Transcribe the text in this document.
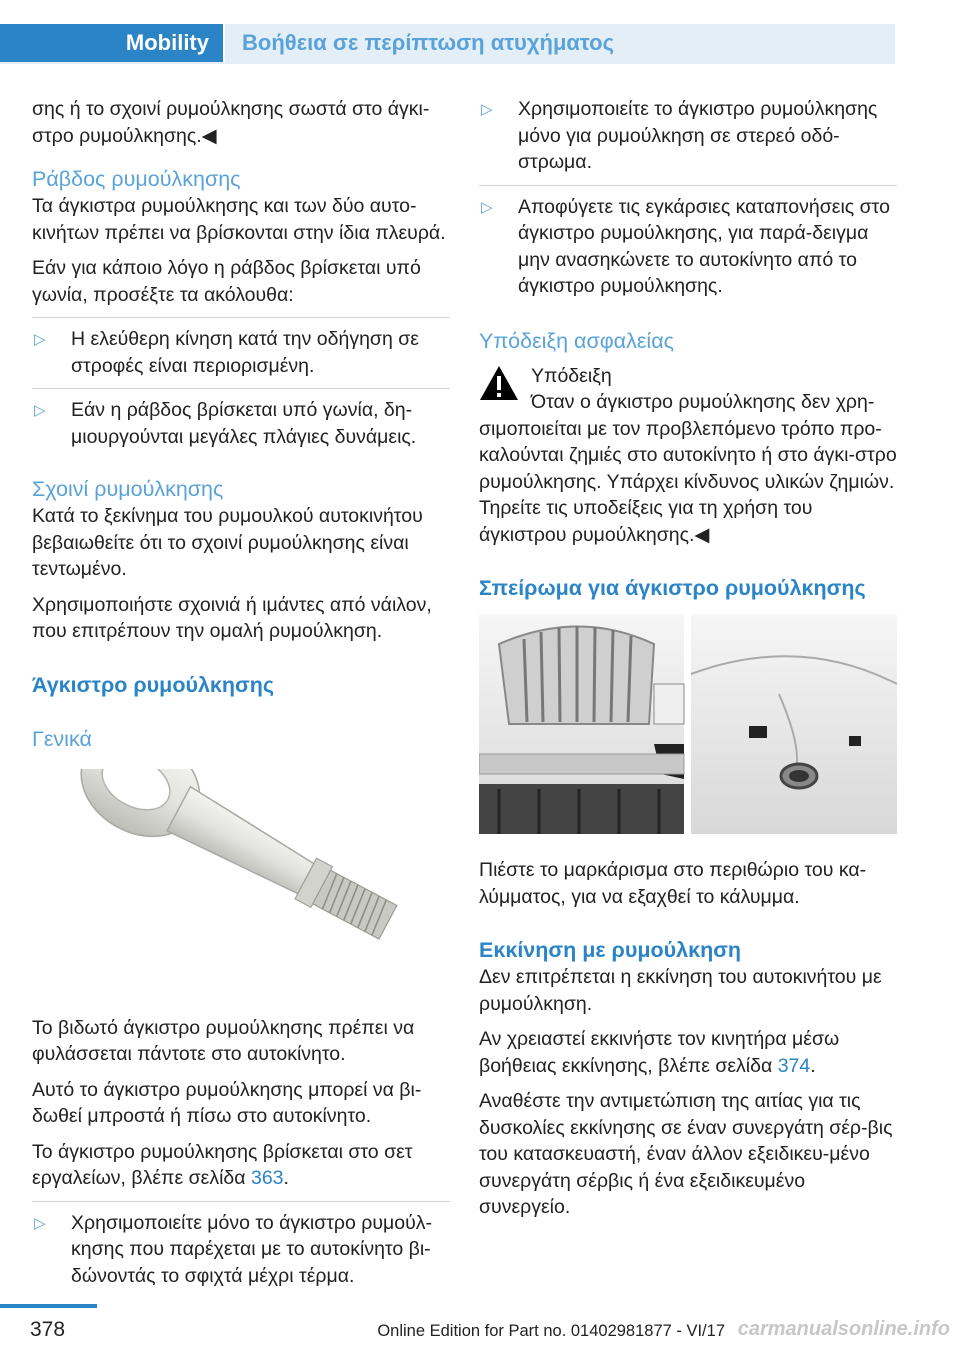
Mobility	Βοήθεια σε περίπτωση ατυχήματος

σης ή το σχοινί ρυμούλκησης σωστά στο άγκι‐στρο ρυμούλκησης.◀

Ράβδος ρυμούλκησης

Τα άγκιστρα ρυμούλκησης και των δύο αυτο‐κινήτων πρέπει να βρίσκονται στην ίδια πλευρά.

Εάν για κάποιο λόγο η ράβδος βρίσκεται υπό γωνία, προσέξτε τα ακόλουθα:

▷ Η ελεύθερη κίνηση κατά την οδήγηση σε στροφές είναι περιορισμένη.
▷ Εάν η ράβδος βρίσκεται υπό γωνία, δη‐μιουργούνται μεγάλες πλάγιες δυνάμεις.
Σχοινί ρυμούλκησης

Κατά το ξεκίνημα του ρυμουλκού αυτοκινήτου βεβαιωθείτε ότι το σχοινί ρυμούλκησης είναι τεντωμένο.

Χρησιμοποιήστε σχοινιά ή ιμάντες από νάιλον, που επιτρέπουν την ομαλή ρυμούλκηση.

Άγκιστρο ρυμούλκησης
Γενικά

Το βιδωτό άγκιστρο ρυμούλκησης πρέπει να φυλάσσεται πάντοτε στο αυτοκίνητο.

Αυτό το άγκιστρο ρυμούλκησης μπορεί να βι‐δωθεί μπροστά ή πίσω στο αυτοκίνητο.

Το άγκιστρο ρυμούλκησης βρίσκεται στο σετ εργαλείων, βλέπε σελίδα 363.

▷ Χρησιμοποιείτε μόνο το άγκιστρο ρυμούλ‐κησης που παρέχεται με το αυτοκίνητο βι‐δώνοντάς το σφιχτά μέχρι τέρμα.
▷ Χρησιμοποιείτε το άγκιστρο ρυμούλκησης μόνο για ρυμούλκηση σε στερεό οδό‐στρωμα.
▷ Αποφύγετε τις εγκάρσιες καταπονήσεις στο άγκιστρο ρυμούλκησης, για παρά‐δειγμα μην ανασηκώνετε το αυτοκίνητο από το άγκιστρο ρυμούλκησης.
Υπόδειξη ασφαλείας
Υπόδειξη
Όταν ο άγκιστρο ρυμούλκησης δεν χρη‐
σιμοποιείται με τον προβλεπόμενο τρόπο προ‐καλούνται ζημιές στο αυτοκίνητο ή στο άγκι‐στρο ρυμούλκησης. Υπάρχει κίνδυνος υλικών ζημιών. Τηρείτε τις υποδείξεις για τη χρήση του άγκιστρου ρυμούλκησης.◀
Σπείρωμα για άγκιστρο ρυμούλκησης

Πιέστε το μαρκάρισμα στο περιθώριο του κα‐λύμματος, για να εξαχθεί το κάλυμμα.

Εκκίνηση με ρυμούλκηση

Δεν επιτρέπεται η εκκίνηση του αυτοκινήτου με ρυμούλκηση.

Αν χρειαστεί εκκινήστε τον κινητήρα μέσω βοήθειας εκκίνησης, βλέπε σελίδα 374.

Αναθέστε την αντιμετώπιση της αιτίας για τις δυσκολίες εκκίνησης σε έναν συνεργάτη σέρ‐βις του κατασκευαστή, έναν άλλον εξειδικευ‐μένο συνεργάτη σέρβις ή ένα εξειδικευμένο συνεργείο.

378	Online Edition for Part no. 01402981877 - VI/17 carmanualsonline.info
